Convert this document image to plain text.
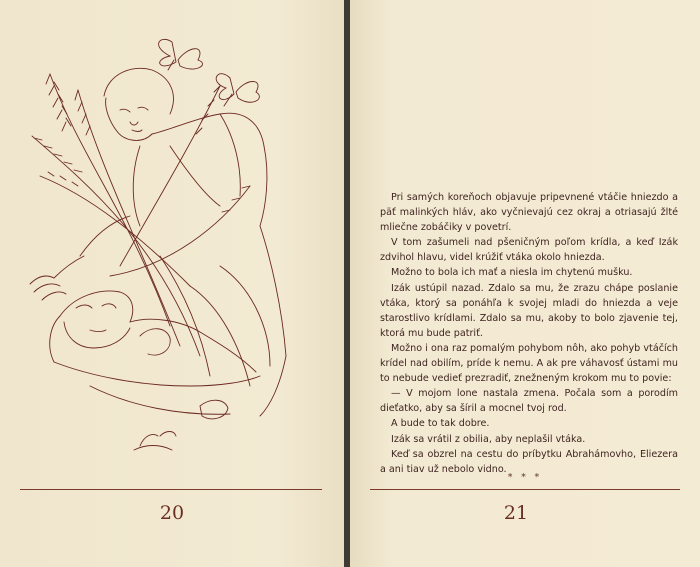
20

Pri samých koreňoch objavuje pripevnené vtáčie hniezdo a päť malinkých hláv, ako vyčnievajú cez okraj a otriasajú žlté mliečne zobáčiky v povetrí.

V tom zašumeli nad pšeničným poľom krídla, a keď Izák zdvihol hlavu, videl krúžiť vtáka okolo hniezda.

Možno to bola ich mať a niesla im chytenú mušku.

Izák ustúpil nazad. Zdalo sa mu, že zrazu chápe poslanie vtáka, ktorý sa ponáhľa k svojej mladi do hniezda a veje starostlivo krídlami. Zdalo sa mu, akoby to bolo zjavenie tej, ktorá mu bude patriť.

Možno i ona raz pomalým pohybom nôh, ako pohyb vtáčích krídel nad obilím, príde k nemu. A ak pre váhavosť ústami mu to nebude vedieť prezradiť, znežneným krokom mu to povie:

— V mojom lone nastala zmena. Počala som a porodím dieťatko, aby sa šíril a mocnel tvoj rod.

A bude to tak dobre.

Izák sa vrátil z obilia, aby neplašil vtáka.

Keď sa obzrel na cestu do príbytku Abrahámovho, Eliezera a ani tiav už nebolo vidno.

* * *
21
